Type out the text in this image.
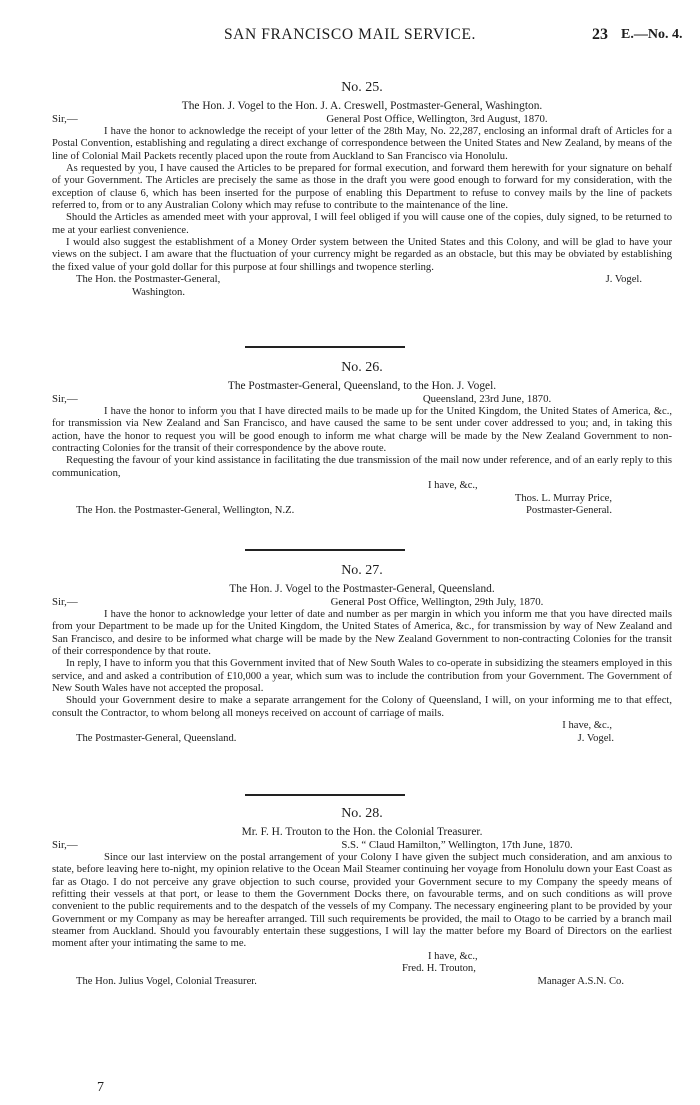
SAN FRANCISCO MAIL SERVICE.	23 E.—No. 4.
No. 25.
The Hon. J. Vogel to the Hon. J. A. Creswell, Postmaster-General, Washington.
Sir,—	General Post Office, Wellington, 3rd August, 1870.

I have the honor to acknowledge the receipt of your letter of the 28th May, No. 22,287, enclosing an informal draft of Articles for a Postal Convention, establishing and regulating a direct exchange of correspondence between the United States and New Zealand, by means of the line of Colonial Mail Packets recently placed upon the route from Auckland to San Francisco via Honolulu.

As requested by you, I have caused the Articles to be prepared for formal execution, and forward them herewith for your signature on behalf of your Government. The Articles are precisely the same as those in the draft you were good enough to forward for my consideration, with the exception of clause 6, which has been inserted for the purpose of enabling this Department to refuse to convey mails by the line of packets referred to, from or to any Australian Colony which may refuse to contribute to the maintenance of the line.

Should the Articles as amended meet with your approval, I will feel obliged if you will cause one of the copies, duly signed, to be returned to me at your earliest convenience.

I would also suggest the establishment of a Money Order system between the United States and this Colony, and will be glad to have your views on the subject. I am aware that the fluctuation of your currency might be regarded as an obstacle, but this may be obviated by establishing the fixed value of your gold dollar for this purpose at four shillings and twopence sterling.

The Hon. the Postmaster-General,	J. Vogel.
Washington.
No. 26.
The Postmaster-General, Queensland, to the Hon. J. Vogel.
Sir,—	Queensland, 23rd June, 1870.

I have the honor to inform you that I have directed mails to be made up for the United Kingdom, the United States of America, &c., for transmission via New Zealand and San Francisco, and have caused the same to be sent under cover addressed to you; and, in taking this action, have the honor to request you will be good enough to inform me what charge will be made by the New Zealand Government to non-contracting Colonies for the transit of their correspondence by the above route.

Requesting the favour of your kind assistance in facilitating the due transmission of the mail now under reference, and of an early reply to this communication,

I have, &c.,
Thos. L. Murray Price,
The Hon. the Postmaster-General, Wellington, N.Z.	Postmaster-General.
No. 27.
The Hon. J. Vogel to the Postmaster-General, Queensland.
Sir,—	General Post Office, Wellington, 29th July, 1870.

I have the honor to acknowledge your letter of date and number as per margin in which you inform me that you have directed mails from your Department to be made up for the United Kingdom, the United States of America, &c., for transmission by way of New Zealand and San Francisco, and desire to be informed what charge will be made by the New Zealand Government to non-contracting Colonies for the transit of their correspondence by that route.

In reply, I have to inform you that this Government invited that of New South Wales to co-operate in subsidizing the steamers employed in this service, and and asked a contribution of £10,000 a year, which sum was to include the contribution from your Government. The Government of New South Wales have not accepted the proposal.

Should your Government desire to make a separate arrangement for the Colony of Queensland, I will, on your informing me to that effect, consult the Contractor, to whom belong all moneys received on account of carriage of mails.

I have, &c.,
The Postmaster-General, Queensland.	J. Vogel.
No. 28.
Mr. F. H. Trouton to the Hon. the Colonial Treasurer.
Sir,—	S.S. “ Claud Hamilton,” Wellington, 17th June, 1870.

Since our last interview on the postal arrangement of your Colony I have given the subject much consideration, and am anxious to state, before leaving here to-night, my opinion relative to the Ocean Mail Steamer continuing her voyage from Honolulu down your East Coast as far as Otago. I do not perceive any grave objection to such course, provided your Government secure to my Company the speedy means of refitting their vessels at that port, or lease to them the Government Docks there, on favourable terms, and on such conditions as will prove convenient to the public requirements and to the despatch of the vessels of my Company. The necessary engineering plant to be provided by your Government or my Company as may be hereafter arranged. Till such requirements be provided, the mail to Otago to be carried by a branch mail steamer from Auckland. Should you favourably entertain these suggestions, I will lay the matter before my Board of Directors on the earliest moment after your intimating the same to me.

I have, &c.,
Fred. H. Trouton,
The Hon. Julius Vogel, Colonial Treasurer.	Manager A.S.N. Co.
7
